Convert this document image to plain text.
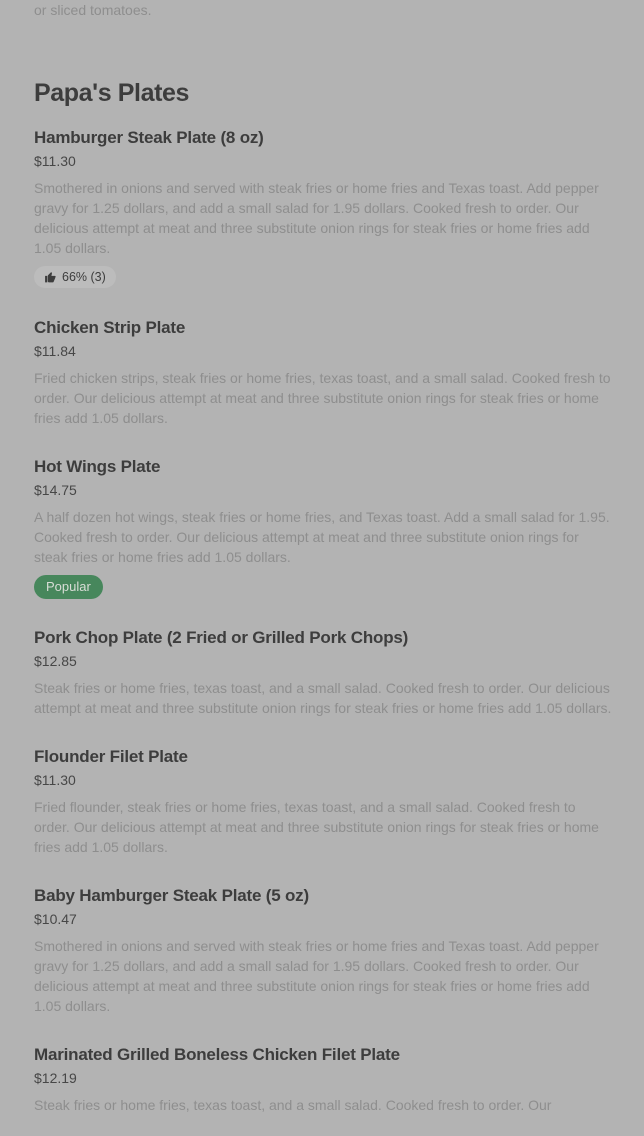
or sliced tomatoes.
Papa's Plates
Hamburger Steak Plate (8 oz)
$11.30
Smothered in onions and served with steak fries or home fries and Texas toast. Add pepper gravy for 1.25 dollars, and add a small salad for 1.95 dollars. Cooked fresh to order. Our delicious attempt at meat and three substitute onion rings for steak fries or home fries add 1.05 dollars.
66% (3)
Chicken Strip Plate
$11.84
Fried chicken strips, steak fries or home fries, texas toast, and a small salad. Cooked fresh to order. Our delicious attempt at meat and three substitute onion rings for steak fries or home fries add 1.05 dollars.
Hot Wings Plate
$14.75
A half dozen hot wings, steak fries or home fries, and Texas toast. Add a small salad for 1.95. Cooked fresh to order. Our delicious attempt at meat and three substitute onion rings for steak fries or home fries add 1.05 dollars.
Popular
Pork Chop Plate (2 Fried or Grilled Pork Chops)
$12.85
Steak fries or home fries, texas toast, and a small salad. Cooked fresh to order. Our delicious attempt at meat and three substitute onion rings for steak fries or home fries add 1.05 dollars.
Flounder Filet Plate
$11.30
Fried flounder, steak fries or home fries, texas toast, and a small salad. Cooked fresh to order. Our delicious attempt at meat and three substitute onion rings for steak fries or home fries add 1.05 dollars.
Baby Hamburger Steak Plate (5 oz)
$10.47
Smothered in onions and served with steak fries or home fries and Texas toast. Add pepper gravy for 1.25 dollars, and add a small salad for 1.95 dollars. Cooked fresh to order. Our delicious attempt at meat and three substitute onion rings for steak fries or home fries add 1.05 dollars.
Marinated Grilled Boneless Chicken Filet Plate
$12.19
Steak fries or home fries, texas toast, and a small salad. Cooked fresh to order. Our
